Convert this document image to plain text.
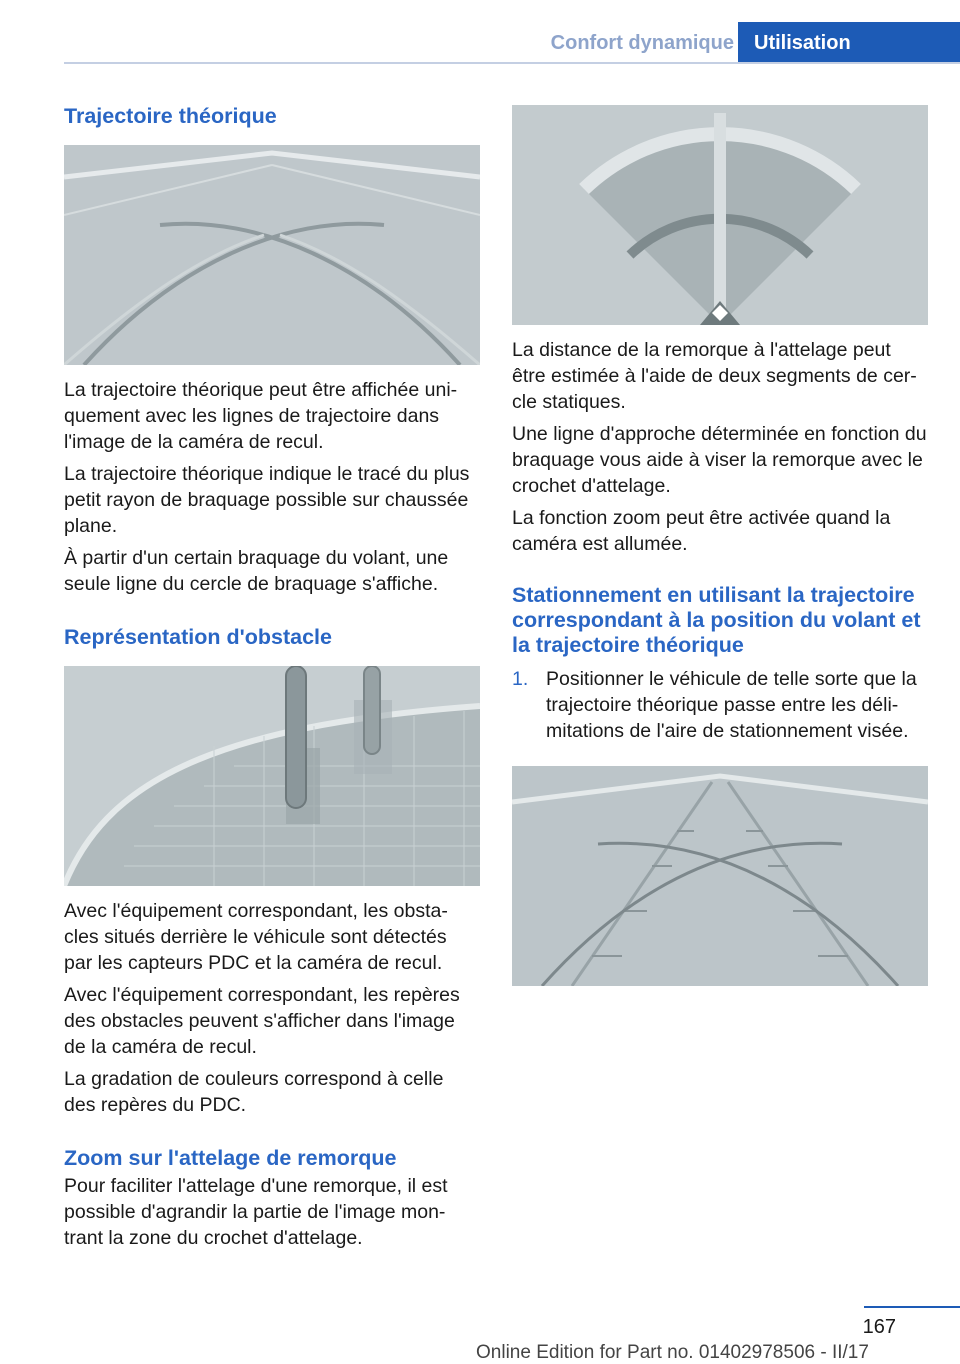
Confort dynamique	Utilisation
Trajectoire théorique

La trajectoire théorique peut être affichée uni-quement avec les lignes de trajectoire dans l'image de la caméra de recul.

La trajectoire théorique indique le tracé du plus petit rayon de braquage possible sur chaussée plane.

À partir d'un certain braquage du volant, une seule ligne du cercle de braquage s'affiche.

Représentation d'obstacle

Avec l'équipement correspondant, les obsta-cles situés derrière le véhicule sont détectés par les capteurs PDC et la caméra de recul.

Avec l'équipement correspondant, les repères des obstacles peuvent s'afficher dans l'image de la caméra de recul.

La gradation de couleurs correspond à celle des repères du PDC.

Zoom sur l'attelage de remorque

Pour faciliter l'attelage d'une remorque, il est possible d'agrandir la partie de l'image mon-trant la zone du crochet d'attelage.

La distance de la remorque à l'attelage peut être estimée à l'aide de deux segments de cer-cle statiques.

Une ligne d'approche déterminée en fonction du braquage vous aide à viser la remorque avec le crochet d'attelage.

La fonction zoom peut être activée quand la caméra est allumée.

Stationnement en utilisant la trajectoire correspondant à la position du volant et la trajectoire théorique
1. Positionner le véhicule de telle sorte que la trajectoire théorique passe entre les déli-mitations de l'aire de stationnement visée.
167
Online Edition for Part no. 01402978506 - II/17
